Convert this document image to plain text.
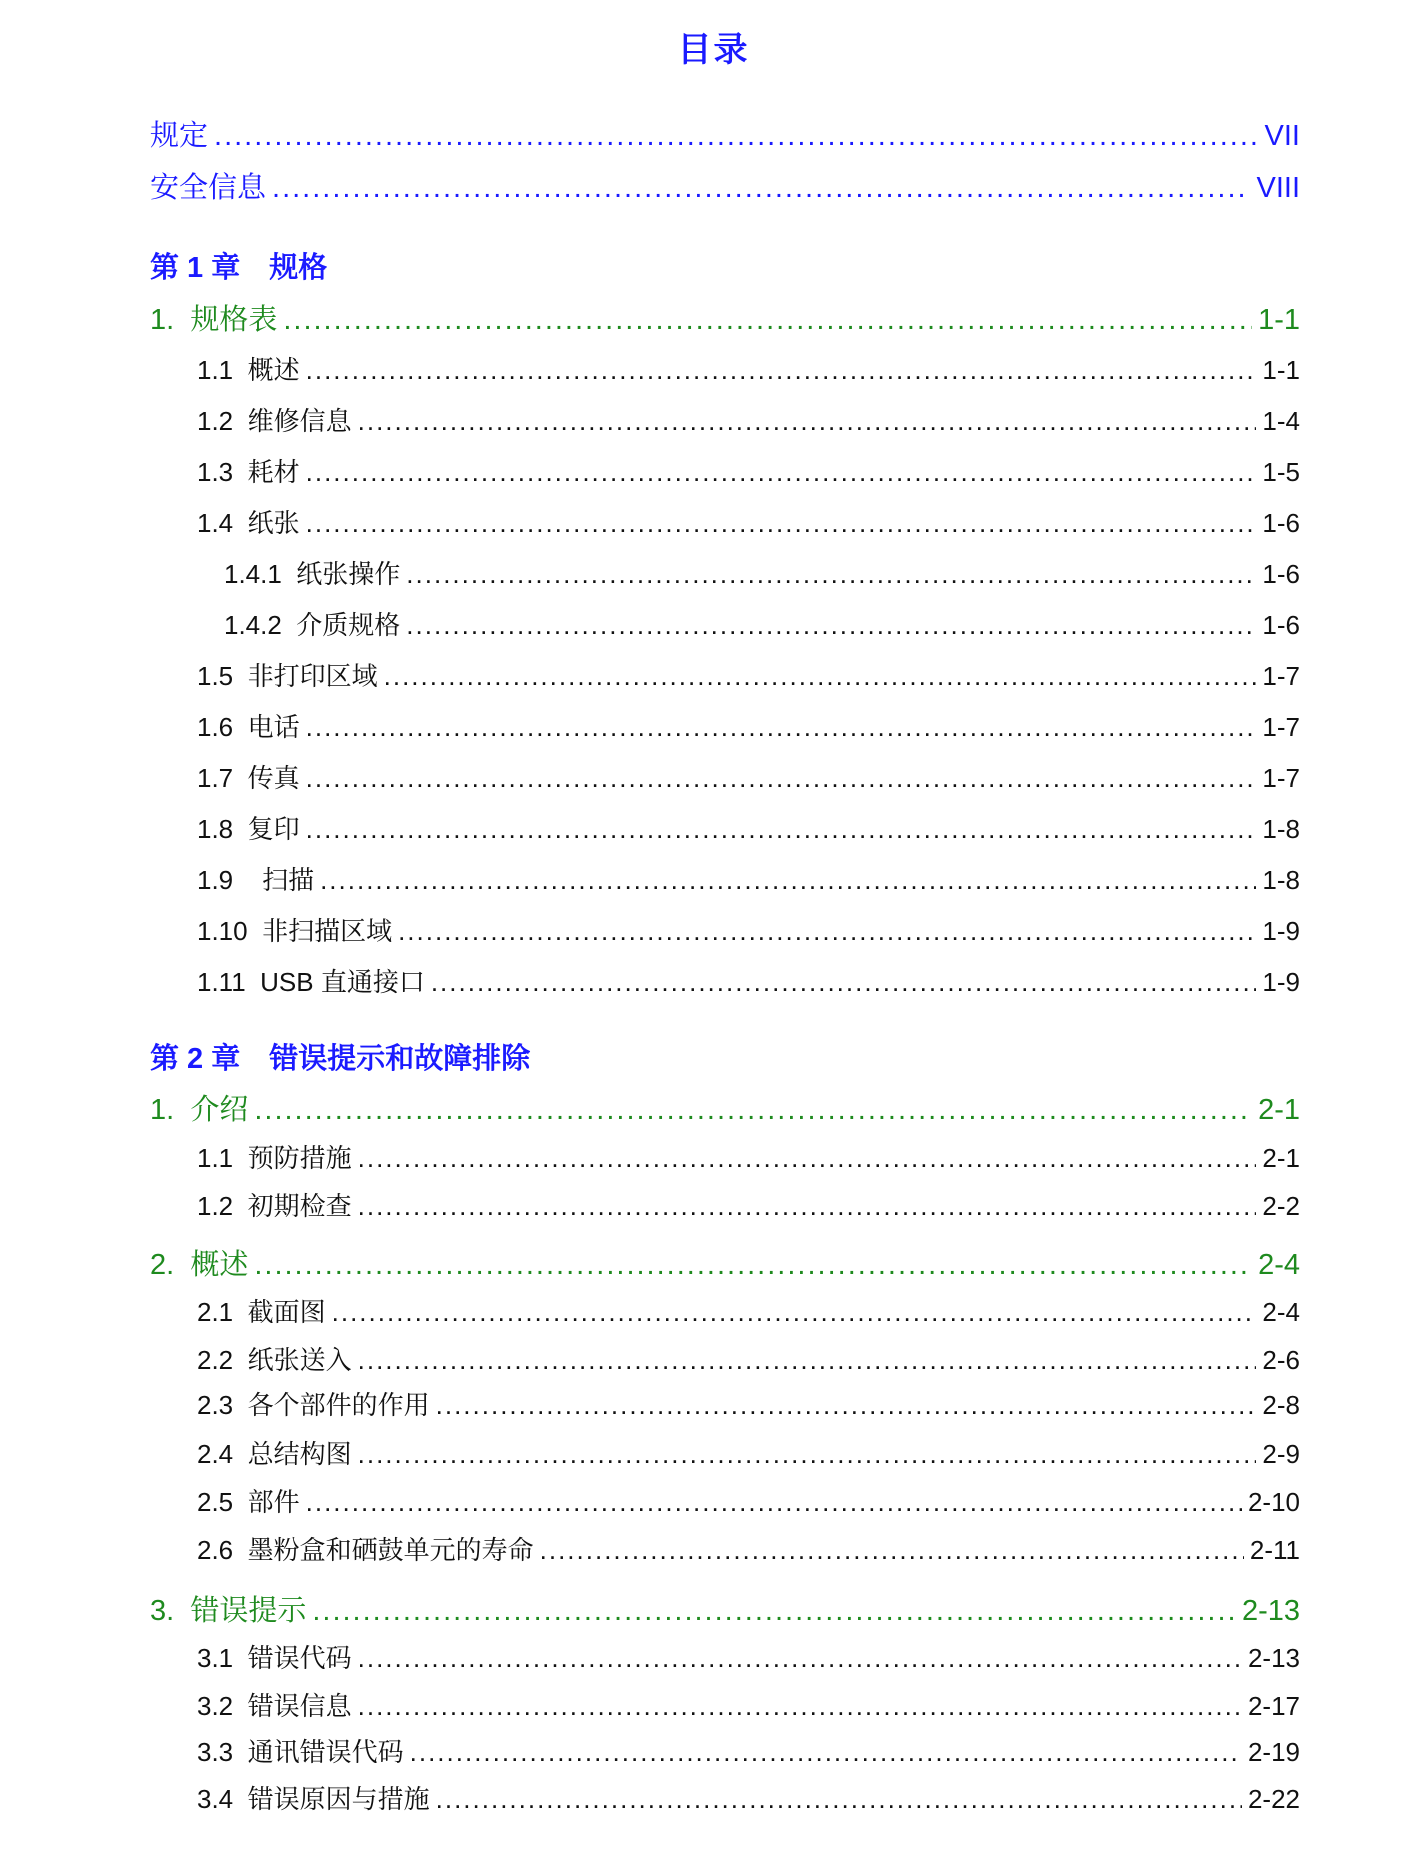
目录
规定 .....	VII
安全信息 .....	VIII
第 1 章　规格
1. 规格表 .....	1-1
1.1 概述 .....	1-1
1.2 维修信息 .....	1-4
1.3 耗材 .....	1-5
1.4 纸张 .....	1-6
1.4.1 纸张操作 .....	1-6
1.4.2 介质规格 .....	1-6
1.5 非打印区域 .....	1-7
1.6 电话 .....	1-7
1.7 传真 .....	1-7
1.8 复印 .....	1-8
1.9 扫描 .....	1-8
1.10 非扫描区域 .....	1-9
1.11 USB 直通接口 .....	1-9
第 2 章　错误提示和故障排除
1. 介绍 .....	2-1
1.1 预防措施 .....	2-1
1.2 初期检查 .....	2-2
2. 概述 .....	2-4
2.1 截面图 .....	2-4
2.2 纸张送入 .....	2-6
2.3 各个部件的作用 .....	2-8
2.4 总结构图 .....	2-9
2.5 部件 .....	2-10
2.6 墨粉盒和硒鼓单元的寿命 .....	2-11
3. 错误提示 .....	2-13
3.1 错误代码 .....	2-13
3.2 错误信息 .....	2-17
3.3 通讯错误代码 .....	2-19
3.4 错误原因与措施 .....	2-22
